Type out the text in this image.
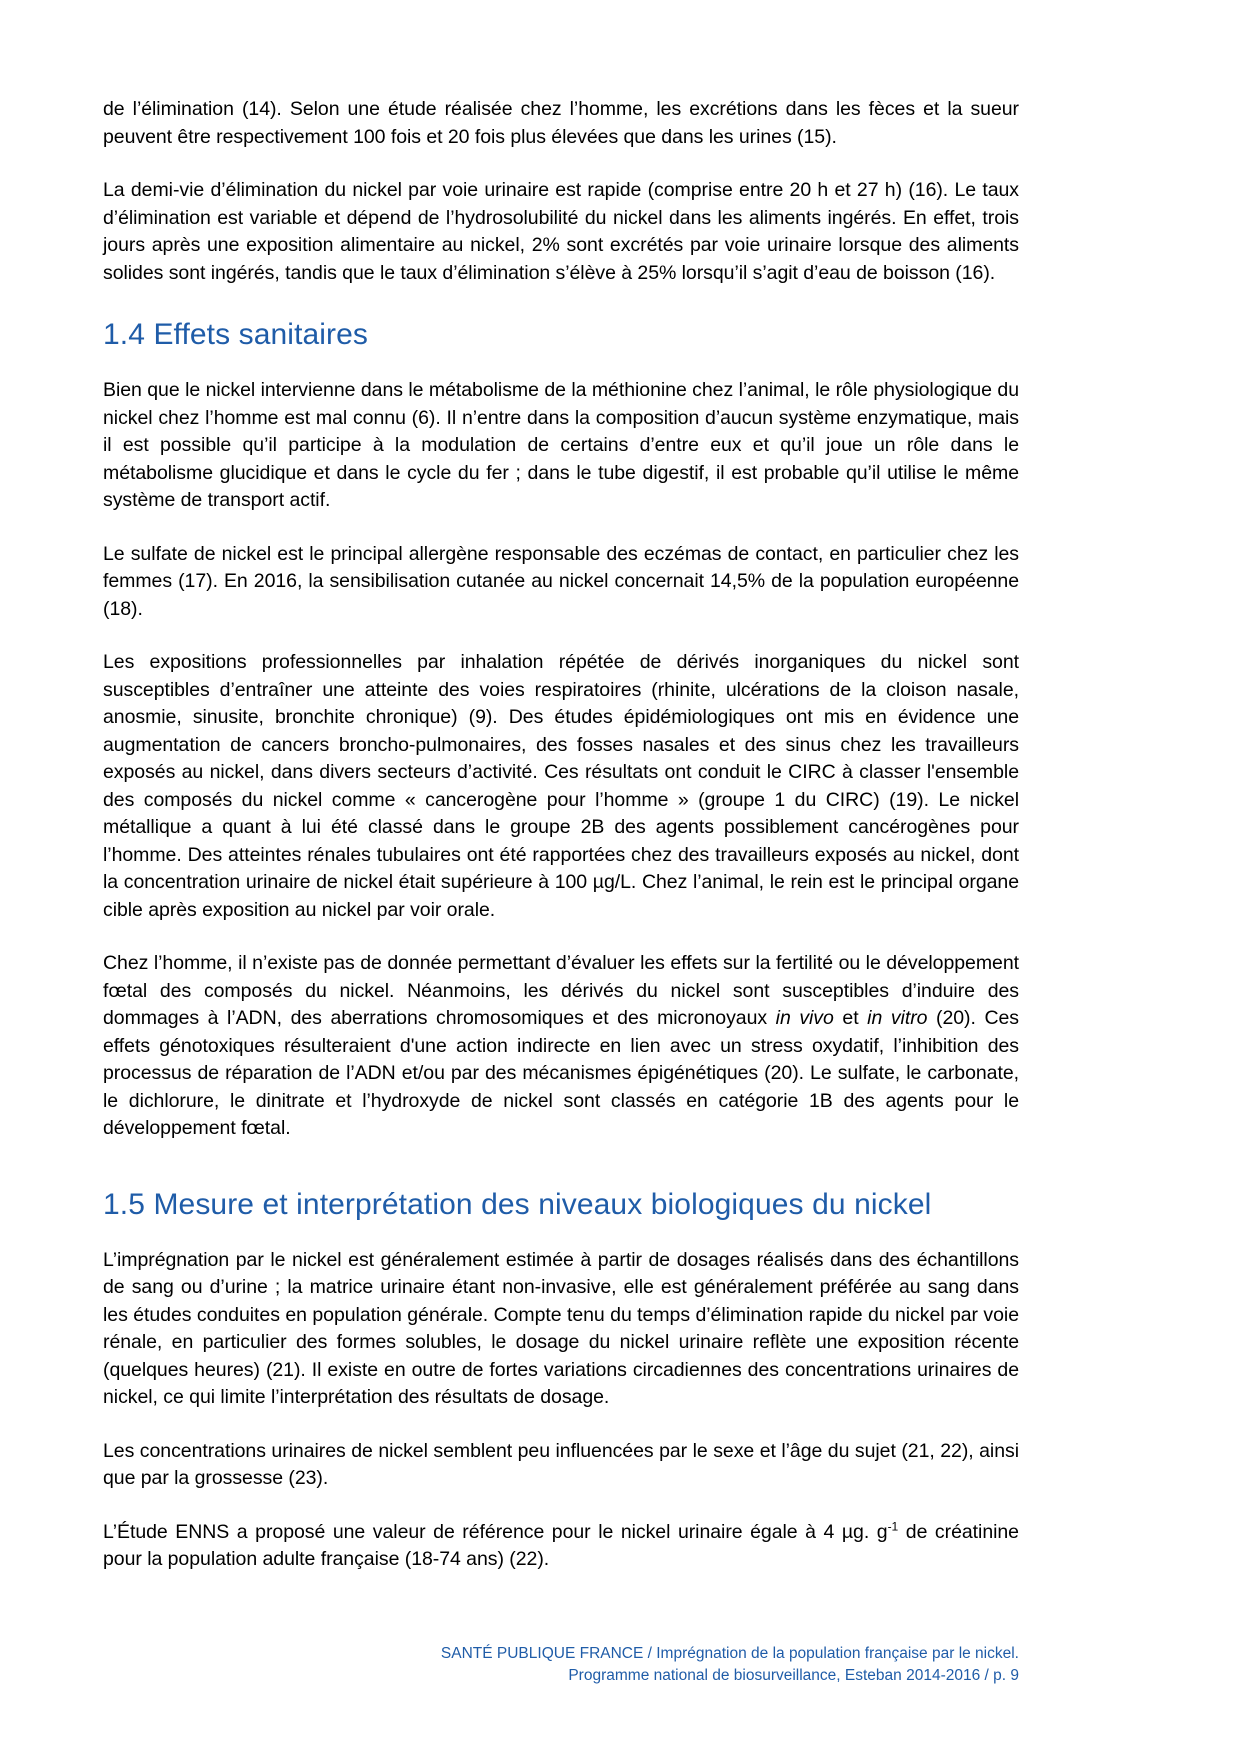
de l’élimination (14). Selon une étude réalisée chez l’homme, les excrétions dans les fèces et la sueur peuvent être respectivement 100 fois et 20 fois plus élevées que dans les urines (15).

La demi-vie d’élimination du nickel par voie urinaire est rapide (comprise entre 20 h et 27 h) (16). Le taux d’élimination est variable et dépend de l’hydrosolubilité du nickel dans les aliments ingérés. En effet, trois jours après une exposition alimentaire au nickel, 2% sont excrétés par voie urinaire lorsque des aliments solides sont ingérés, tandis que le taux d’élimination s’élève à 25% lorsqu’il s’agit d’eau de boisson (16).

1.4 Effets sanitaires

Bien que le nickel intervienne dans le métabolisme de la méthionine chez l’animal, le rôle physiologique du nickel chez l’homme est mal connu (6). Il n’entre dans la composition d’aucun système enzymatique, mais il est possible qu’il participe à la modulation de certains d’entre eux et qu’il joue un rôle dans le métabolisme glucidique et dans le cycle du fer ; dans le tube digestif, il est probable qu’il utilise le même système de transport actif.

Le sulfate de nickel est le principal allergène responsable des eczémas de contact, en particulier chez les femmes (17). En 2016, la sensibilisation cutanée au nickel concernait 14,5% de la population européenne (18).

Les expositions professionnelles par inhalation répétée de dérivés inorganiques du nickel sont susceptibles d’entraîner une atteinte des voies respiratoires (rhinite, ulcérations de la cloison nasale, anosmie, sinusite, bronchite chronique) (9). Des études épidémiologiques ont mis en évidence une augmentation de cancers broncho-pulmonaires, des fosses nasales et des sinus chez les travailleurs exposés au nickel, dans divers secteurs d’activité. Ces résultats ont conduit le CIRC à classer l'ensemble des composés du nickel comme « cancerogène pour l’homme » (groupe 1 du CIRC) (19). Le nickel métallique a quant à lui été classé dans le groupe 2B des agents possiblement cancérogènes pour l’homme. Des atteintes rénales tubulaires ont été rapportées chez des travailleurs exposés au nickel, dont la concentration urinaire de nickel était supérieure à 100 µg/L. Chez l’animal, le rein est le principal organe cible après exposition au nickel par voir orale.

Chez l’homme, il n’existe pas de donnée permettant d’évaluer les effets sur la fertilité ou le développement fœtal des composés du nickel. Néanmoins, les dérivés du nickel sont susceptibles d’induire des dommages à l’ADN, des aberrations chromosomiques et des micronoyaux in vivo et in vitro (20). Ces effets génotoxiques résulteraient d'une action indirecte en lien avec un stress oxydatif, l’inhibition des processus de réparation de l’ADN et/ou par des mécanismes épigénétiques (20). Le sulfate, le carbonate, le dichlorure, le dinitrate et l’hydroxyde de nickel sont classés en catégorie 1B des agents pour le développement fœtal.

1.5 Mesure et interprétation des niveaux biologiques du nickel

L’imprégnation par le nickel est généralement estimée à partir de dosages réalisés dans des échantillons de sang ou d’urine ; la matrice urinaire étant non-invasive, elle est généralement préférée au sang dans les études conduites en population générale. Compte tenu du temps d’élimination rapide du nickel par voie rénale, en particulier des formes solubles, le dosage du nickel urinaire reflète une exposition récente (quelques heures) (21). Il existe en outre de fortes variations circadiennes des concentrations urinaires de nickel, ce qui limite l’interprétation des résultats de dosage.

Les concentrations urinaires de nickel semblent peu influencées par le sexe et l’âge du sujet (21, 22), ainsi que par la grossesse (23).

L’Étude ENNS a proposé une valeur de référence pour le nickel urinaire égale à 4 µg. $g^{-1}$ de créatinine pour la population adulte française (18-74 ans) (22).

SANTÉ PUBLIQUE FRANCE / Imprégnation de la population française par le nickel.
Programme national de biosurveillance, Esteban 2014-2016 / p. 9
